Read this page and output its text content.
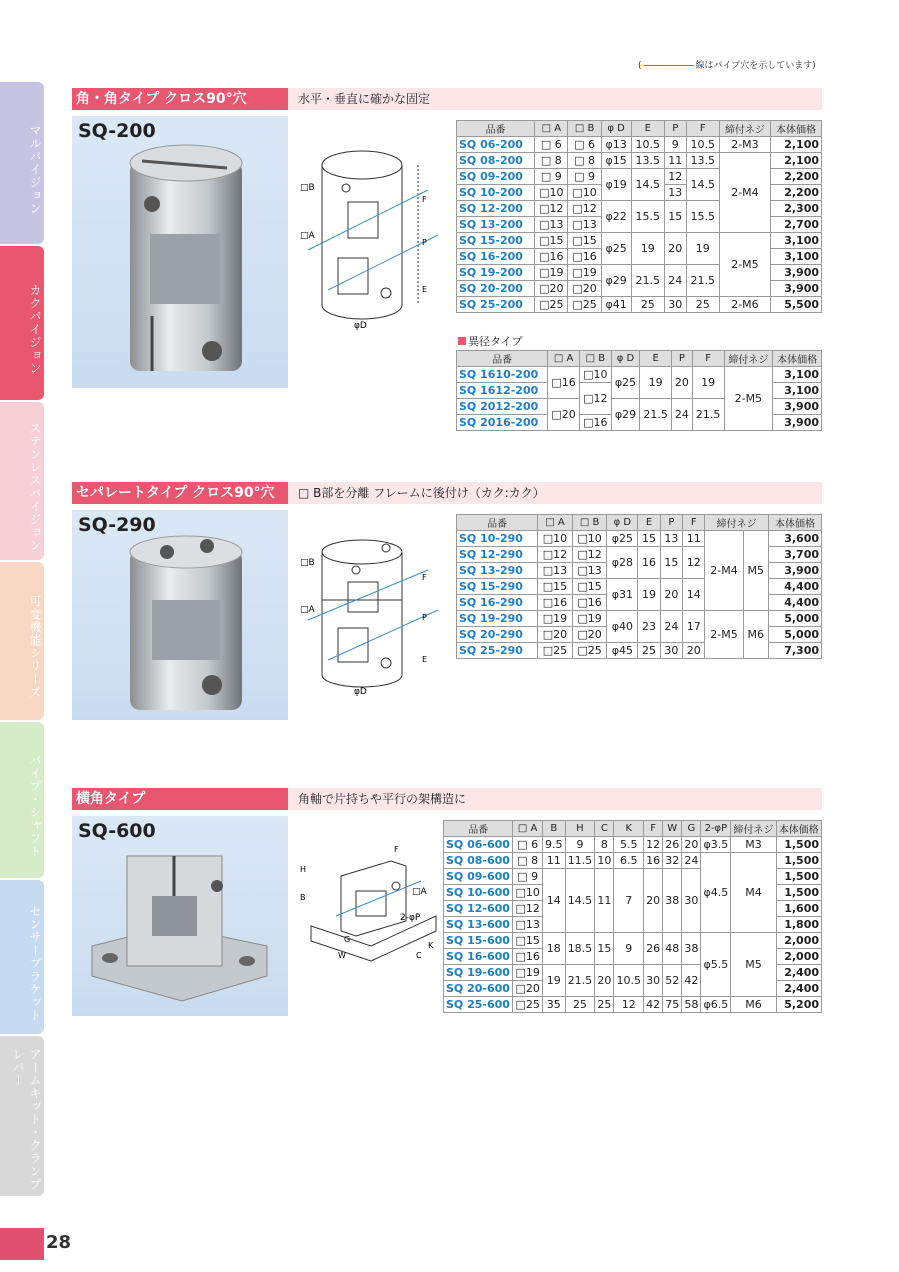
(	線はパイプ穴を示しています)
マルパイジョン
カクパイジョン
ステンレスパイジョン
可変機能シリーズ
パイプ・シャフト
センサーブラケット
アームキット・クランプレバー
28
角・角タイプ クロス90°穴	水平・垂直に確かな固定
SQ-200
□B
□A
F
P
E
φD
品番	□ A	□ B	φ D	E	P	F	締付ネジ	本体価格
SQ 06-200	□ 6	□ 6	φ13	10.5	9	10.5	2-M3	2,100
SQ 08-200	□ 8	□ 8	φ15	13.5	11	13.5	2-M4	2,100
SQ 09-200	□ 9	□ 9	φ19	14.5	12	14.5		2,200
SQ 10-200	□10	□10			13			2,200
SQ 12-200	□12	□12	φ22	15.5	15	15.5		2,300
SQ 13-200	□13	□13						2,700
SQ 15-200	□15	□15	φ25	19	20	19	2-M5	3,100
SQ 16-200	□16	□16						3,100
SQ 19-200	□19	□19	φ29	21.5	24	21.5		3,900
SQ 20-200	□20	□20						3,900
SQ 25-200	□25	□25	φ41	25	30	25	2-M6	5,500
異径タイプ
品番	□ A	□ B	φ D	E	P	F	締付ネジ	本体価格
SQ 1610-200	□16	□10	φ25	19	20	19	2-M5	3,100
SQ 1612-200		□12						3,100
SQ 2012-200	□20		φ29	21.5	24	21.5		3,900
SQ 2016-200		□16						3,900
セパレートタイプ クロス90°穴	□ B部を分離 フレームに後付け（カク:カク）
SQ-290
□B
□A
F
P
E
φD
品番	□ A	□ B	φ D	E	P	F	締付ネジ		本体価格
SQ 10-290	□10	□10	φ25	15	13	11	2-M4	M5	3,600
SQ 12-290	□12	□12	φ28	16	15	12			3,700
SQ 13-290	□13	□13							3,900
SQ 15-290	□15	□15	φ31	19	20	14			4,400
SQ 16-290	□16	□16							4,400
SQ 19-290	□19	□19	φ40	23	24	17	2-M5	M6	5,000
SQ 20-290	□20	□20							5,000
SQ 25-290	□25	□25	φ45	25	30	20			7,300
横角タイプ	角軸で片持ちや平行の架構造に
SQ-600
H
B
F
□A
2-φP
G
W	C
K
品番	□ A	B	H	C	K	F	W	G	2-φP	締付ネジ	本体価格
SQ 06-600	□ 6	9.5	9	8	5.5	12	26	20	φ3.5	M3	1,500
SQ 08-600	□ 8	11	11.5	10	6.5	16	32	24	φ4.5	M4	1,500
SQ 09-600	□ 9	14	14.5	11	7	20	38	30			1,500
SQ 10-600	□10										1,500
SQ 12-600	□12										1,600
SQ 13-600	□13										1,800
SQ 15-600	□15	18	18.5	15	9	26	48	38	φ5.5	M5	2,000
SQ 16-600	□16										2,000
SQ 19-600	□19	19	21.5	20	10.5	30	52	42			2,400
SQ 20-600	□20										2,400
SQ 25-600	□25	35	25	25	12	42	75	58	φ6.5	M6	5,200
